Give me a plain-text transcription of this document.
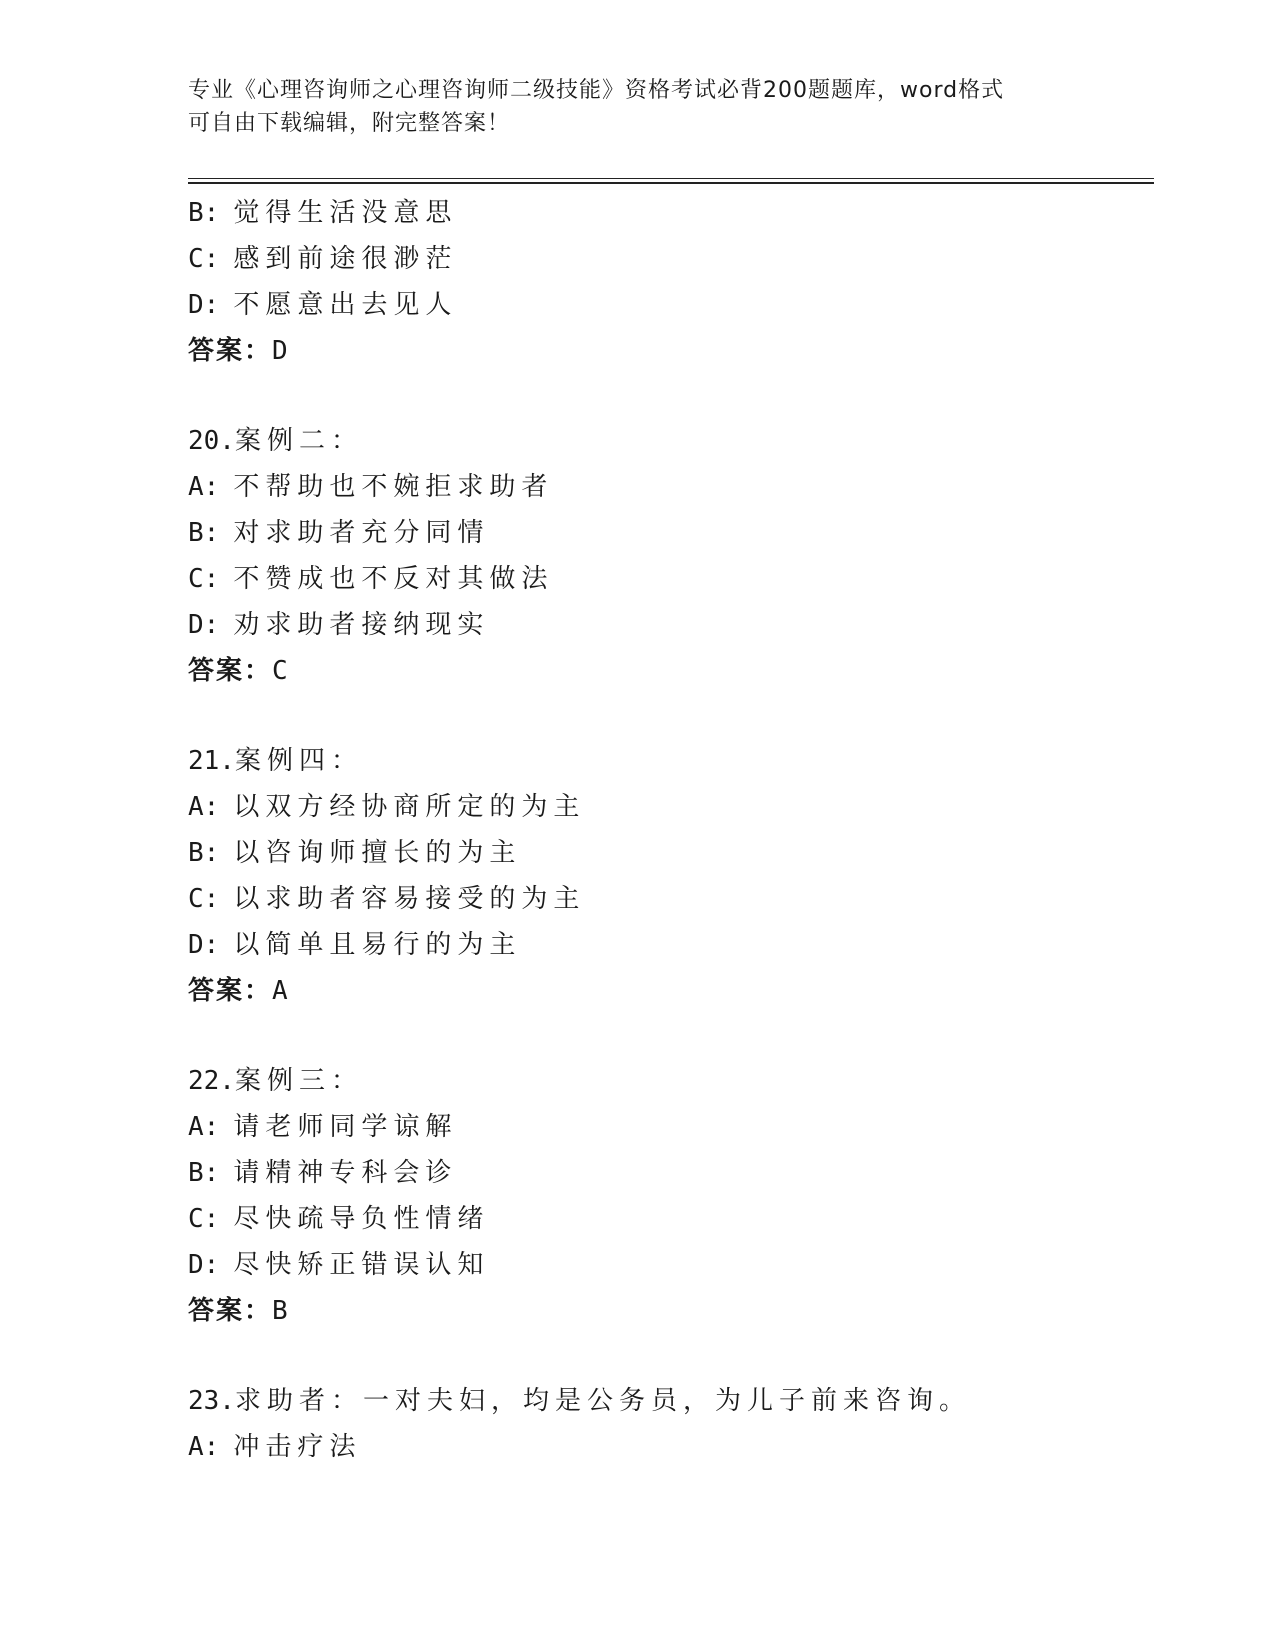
专业《心理咨询师之心理咨询师二级技能》资格考试必背200题题库，word格式
可自由下载编辑，附完整答案！
B: 觉得生活没意思
C: 感到前途很渺茫
D: 不愿意出去见人
答案：D
20.案例二：
A: 不帮助也不婉拒求助者
B: 对求助者充分同情
C: 不赞成也不反对其做法
D: 劝求助者接纳现实
答案：C
21.案例四：
A: 以双方经协商所定的为主
B: 以咨询师擅长的为主
C: 以求助者容易接受的为主
D: 以简单且易行的为主
答案：A
22.案例三：
A: 请老师同学谅解
B: 请精神专科会诊
C: 尽快疏导负性情绪
D: 尽快矫正错误认知
答案：B
23.求助者：一对夫妇，均是公务员，为儿子前来咨询。
A: 冲击疗法
